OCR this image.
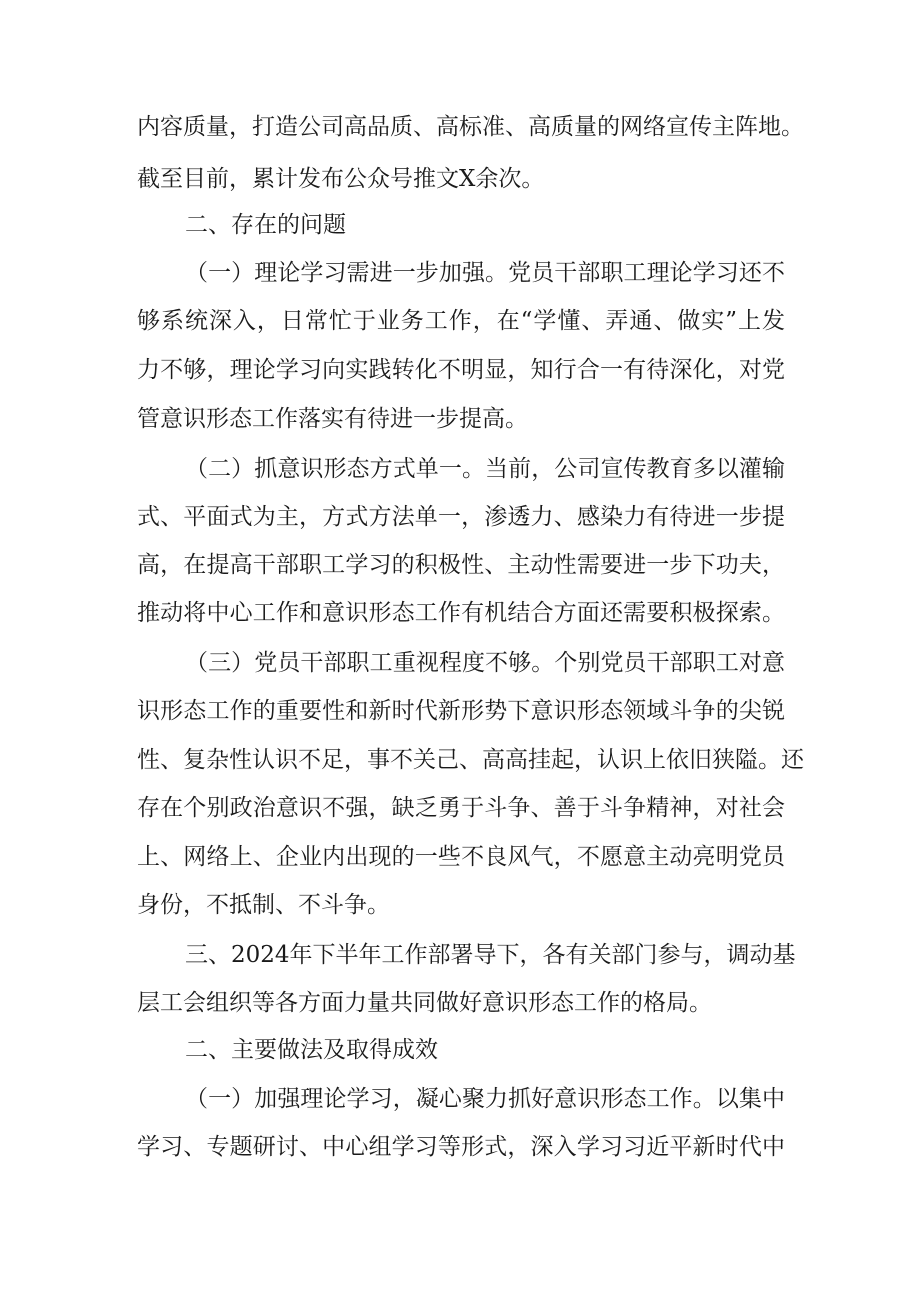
内容质量，打造公司高品质、高标准、高质量的网络宣传主阵地。
截至目前，累计发布公众号推文X余次。
二、存在的问题
（一）理论学习需进一步加强。党员干部职工理论学习还不
够系统深入，日常忙于业务工作，在“学懂、弄通、做实”上发
力不够，理论学习向实践转化不明显，知行合一有待深化，对党
管意识形态工作落实有待进一步提高。
（二）抓意识形态方式单一。当前，公司宣传教育多以灌输
式、平面式为主，方式方法单一，渗透力、感染力有待进一步提
高，在提高干部职工学习的积极性、主动性需要进一步下功夫，
推动将中心工作和意识形态工作有机结合方面还需要积极探索。
（三）党员干部职工重视程度不够。个别党员干部职工对意
识形态工作的重要性和新时代新形势下意识形态领域斗争的尖锐
性、复杂性认识不足，事不关己、高高挂起，认识上依旧狭隘。还
存在个别政治意识不强，缺乏勇于斗争、善于斗争精神，对社会
上、网络上、企业内出现的一些不良风气，不愿意主动亮明党员
身份，不抵制、不斗争。
三、2024年下半年工作部署导下，各有关部门参与，调动基
层工会组织等各方面力量共同做好意识形态工作的格局。
二、主要做法及取得成效
（一）加强理论学习，凝心聚力抓好意识形态工作。以集中
学习、专题研讨、中心组学习等形式，深入学习习近平新时代中
